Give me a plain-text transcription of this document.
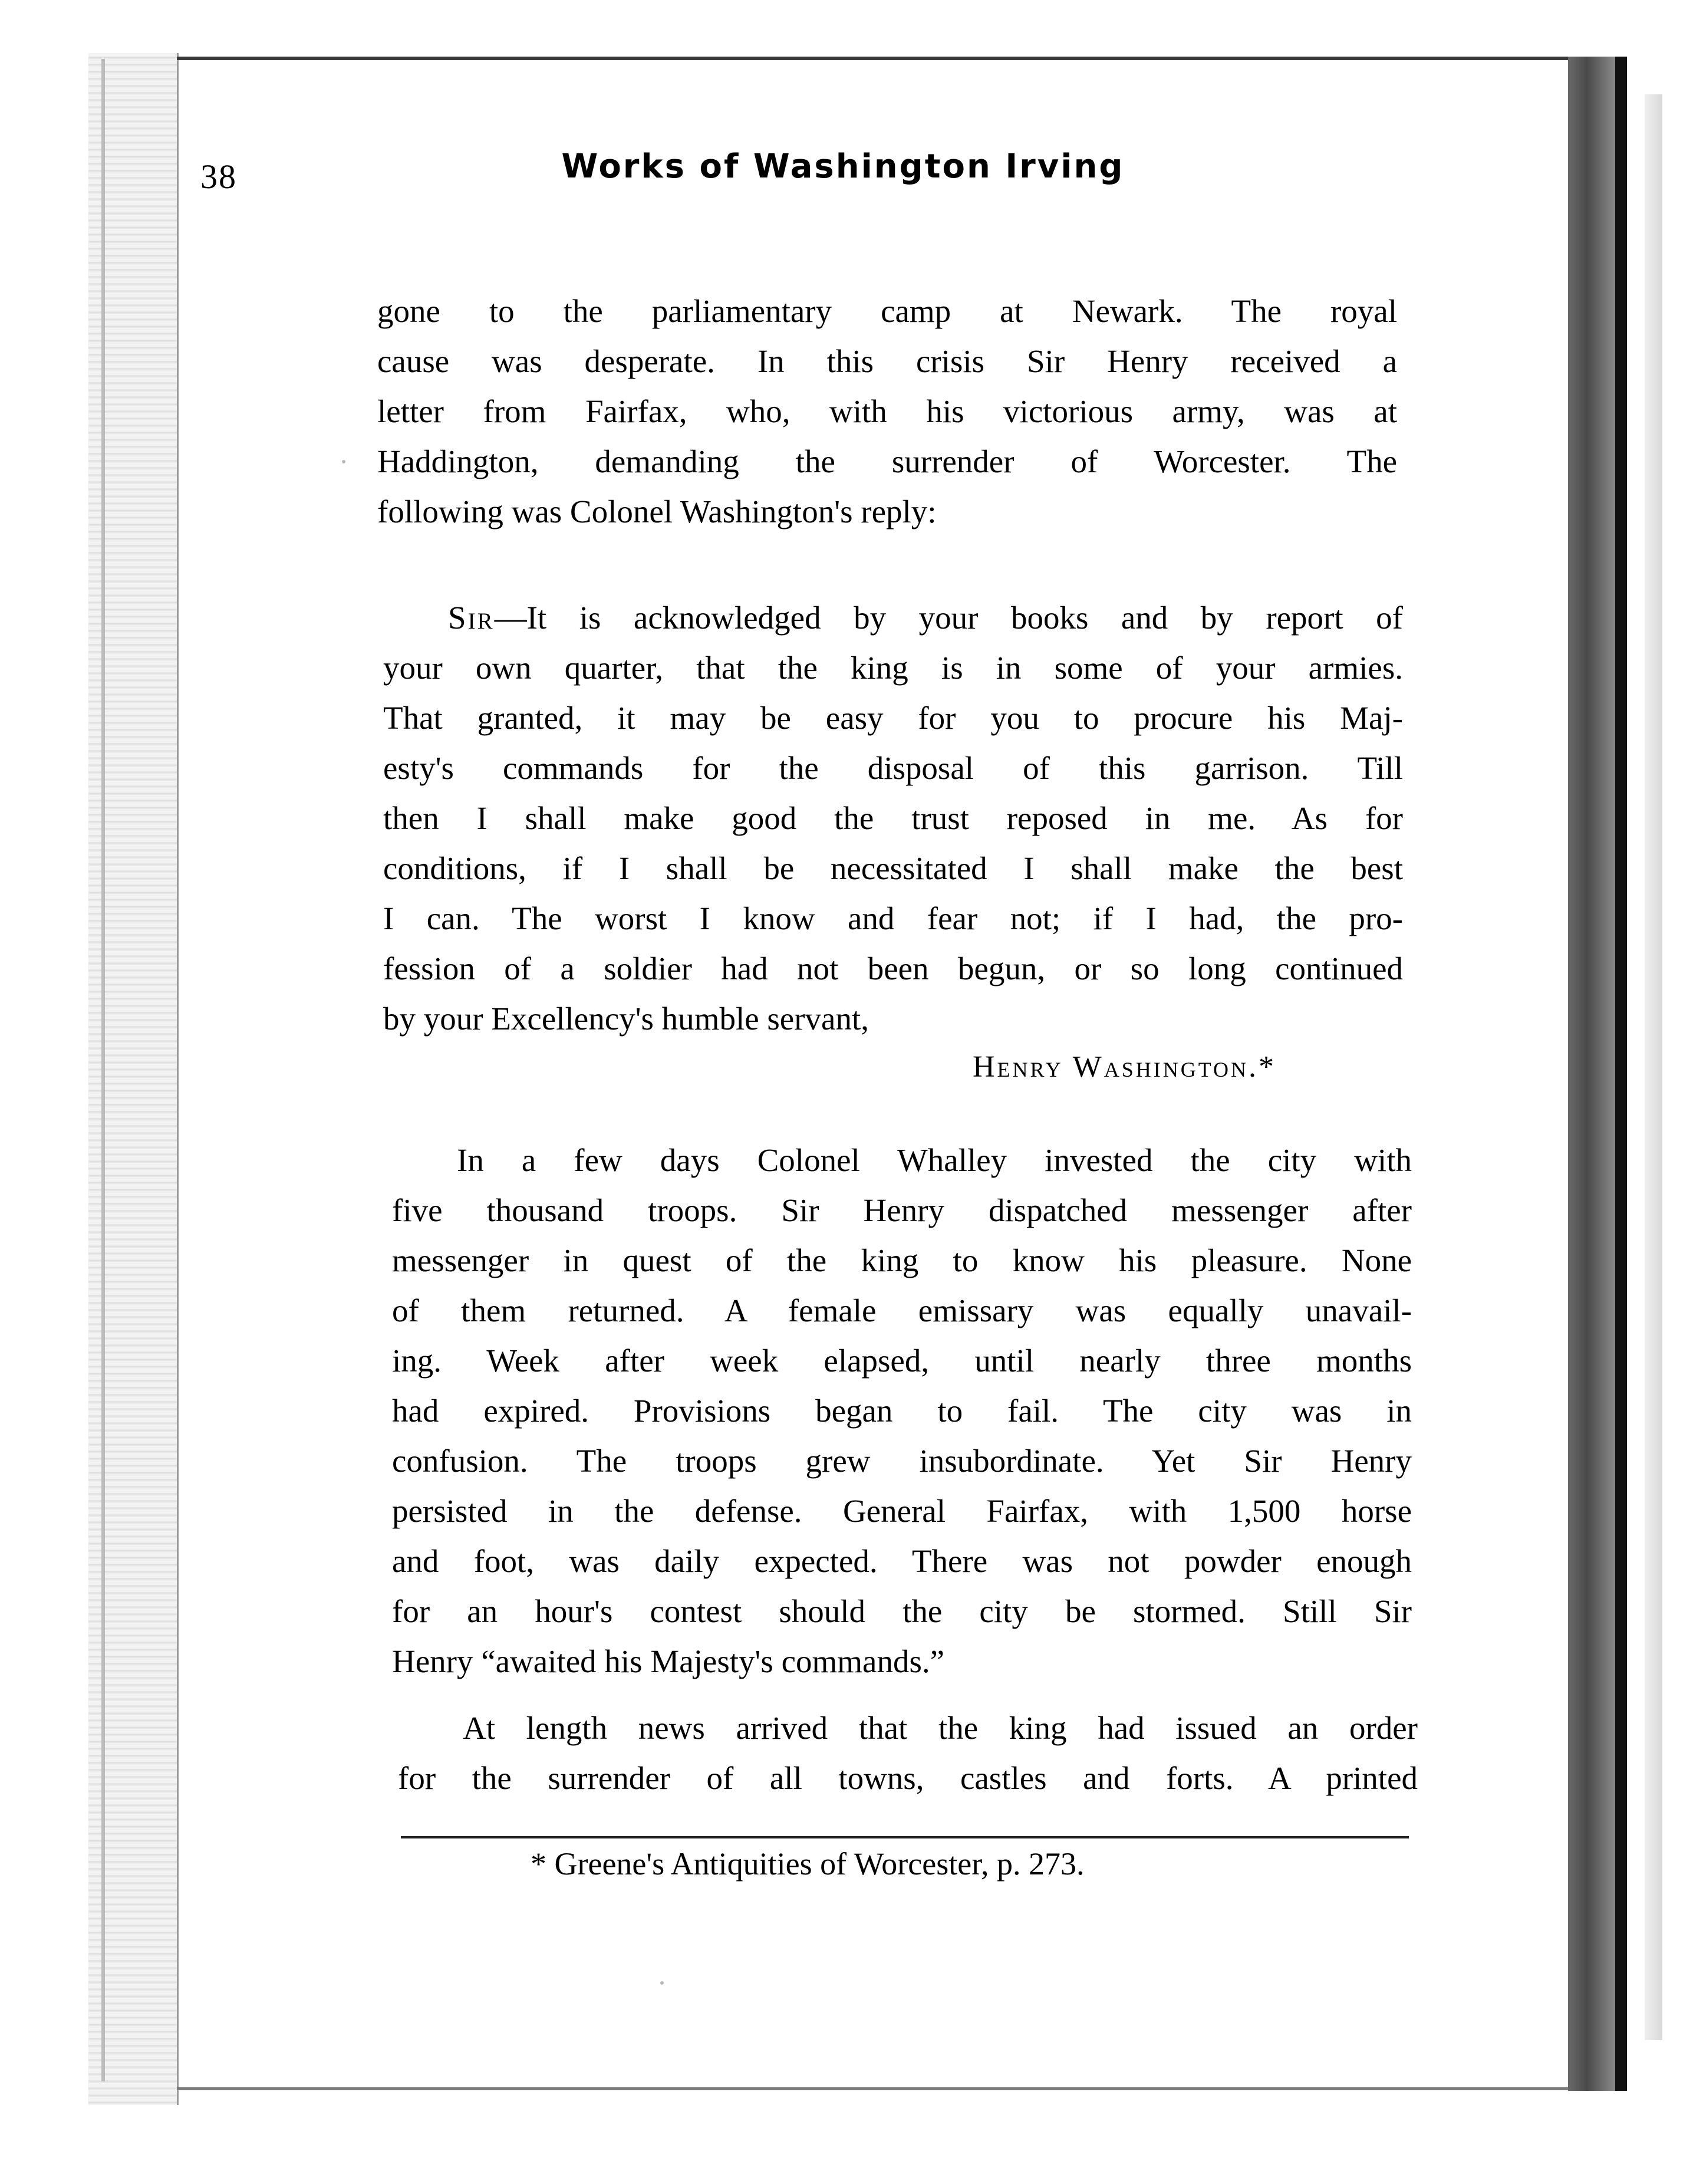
38	Works of Washington Irving
gone to the parliamentary camp at Newark. The royal
cause was desperate. In this crisis Sir Henry received a
letter from Fairfax, who, with his victorious army, was at
Haddington, demanding the surrender of Worcester. The
following was Colonel Washington's reply:
Sir—It is acknowledged by your books and by report of
your own quarter, that the king is in some of your armies.
That granted, it may be easy for you to procure his Maj-
esty's commands for the disposal of this garrison. Till
then I shall make good the trust reposed in me. As for
conditions, if I shall be necessitated I shall make the best
I can. The worst I know and fear not; if I had, the pro-
fession of a soldier had not been begun, or so long continued
by your Excellency's humble servant,
Henry Washington.*
In a few days Colonel Whalley invested the city with
five thousand troops. Sir Henry dispatched messenger after
messenger in quest of the king to know his pleasure. None
of them returned. A female emissary was equally unavail-
ing. Week after week elapsed, until nearly three months
had expired. Provisions began to fail. The city was in
confusion. The troops grew insubordinate. Yet Sir Henry
persisted in the defense. General Fairfax, with 1,500 horse
and foot, was daily expected. There was not powder enough
for an hour's contest should the city be stormed. Still Sir
Henry “awaited his Majesty's commands.”
At length news arrived that the king had issued an order
for the surrender of all towns, castles and forts. A printed
* Greene's Antiquities of Worcester, p. 273.
